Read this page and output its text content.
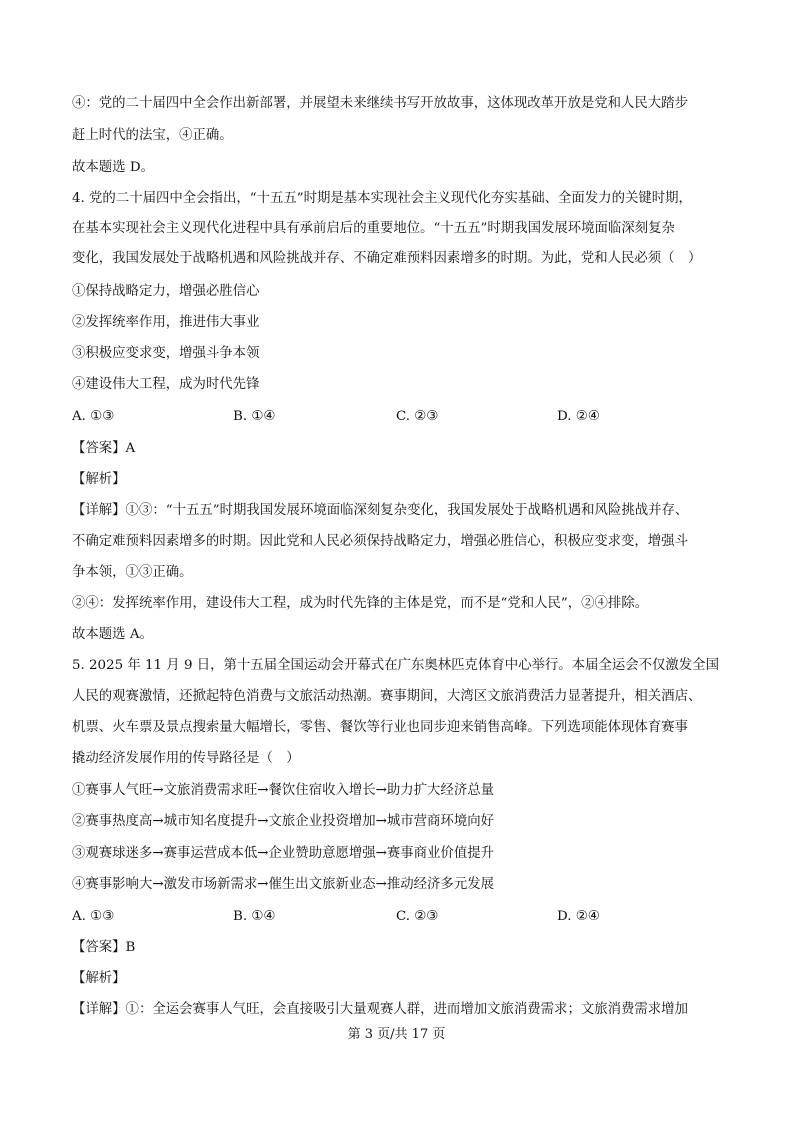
④：党的二十届四中全会作出新部署，并展望未来继续书写开放故事，这体现改革开放是党和人民大踏步
赶上时代的法宝，④正确。
故本题选 D。
4. 党的二十届四中全会指出，“十五五”时期是基本实现社会主义现代化夯实基础、全面发力的关键时期，
在基本实现社会主义现代化进程中具有承前启后的重要地位。“十五五”时期我国发展环境面临深刻复杂
变化，我国发展处于战略机遇和风险挑战并存、不确定难预料因素增多的时期。为此，党和人民必须（　）
①保持战略定力，增强必胜信心
②发挥统率作用，推进伟大事业
③积极应变求变，增强斗争本领
④建设伟大工程，成为时代先锋
A. ①③	B. ①④	C. ②③	D. ②④
【答案】A
【解析】
【详解】①③：“十五五”时期我国发展环境面临深刻复杂变化，我国发展处于战略机遇和风险挑战并存、
不确定难预料因素增多的时期。因此党和人民必须保持战略定力，增强必胜信心，积极应变求变，增强斗
争本领，①③正确。
②④：发挥统率作用，建设伟大工程，成为时代先锋的主体是党，而不是“党和人民”，②④排除。
故本题选 A。
5. 2025 年 11 月 9 日，第十五届全国运动会开幕式在广东奥林匹克体育中心举行。本届全运会不仅激发全国
人民的观赛激情，还掀起特色消费与文旅活动热潮。赛事期间，大湾区文旅消费活力显著提升，相关酒店、
机票、火车票及景点搜索量大幅增长，零售、餐饮等行业也同步迎来销售高峰。下列选项能体现体育赛事
撬动经济发展作用的传导路径是（　）
①赛事人气旺→文旅消费需求旺→餐饮住宿收入增长→助力扩大经济总量
②赛事热度高→城市知名度提升→文旅企业投资增加→城市营商环境向好
③观赛球迷多→赛事运营成本低→企业赞助意愿增强→赛事商业价值提升
④赛事影响大→激发市场新需求→催生出文旅新业态→推动经济多元发展
A. ①③	B. ①④	C. ②③	D. ②④
【答案】B
【解析】
【详解】①：全运会赛事人气旺，会直接吸引大量观赛人群，进而增加文旅消费需求；文旅消费需求增加
第 3 页/共 17 页
